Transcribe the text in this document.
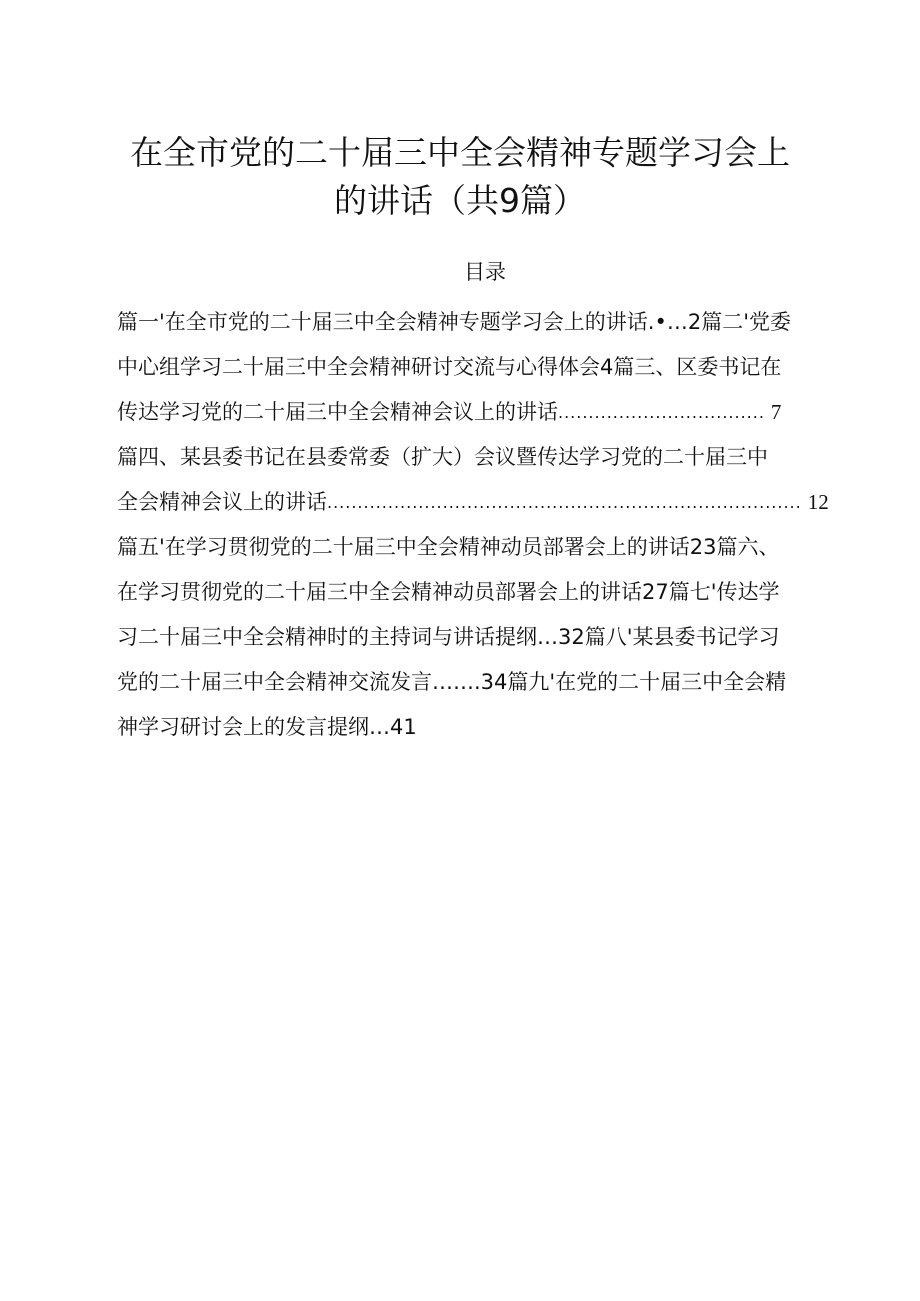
在全市党的二十届三中全会精神专题学习会上
的讲话（共9篇）
目录
篇一'在全市党的二十届三中全会精神专题学习会上的讲话.•…2篇二'党委
中心组学习二十届三中全会精神研讨交流与心得体会4篇三、区委书记在
传达学习党的二十届三中全会精神会议上的讲话 .................................. 7
篇四、某县委书记在县委常委（扩大）会议暨传达学习党的二十届三中
全会精神会议上的讲话 .............................................................................. 12
篇五'在学习贯彻党的二十届三中全会精神动员部署会上的讲话23篇六、
在学习贯彻党的二十届三中全会精神动员部署会上的讲话27篇七'传达学
习二十届三中全会精神时的主持词与讲话提纲…32篇八'某县委书记学习
党的二十届三中全会精神交流发言…….34篇九'在党的二十届三中全会精
神学习研讨会上的发言提纲…41
